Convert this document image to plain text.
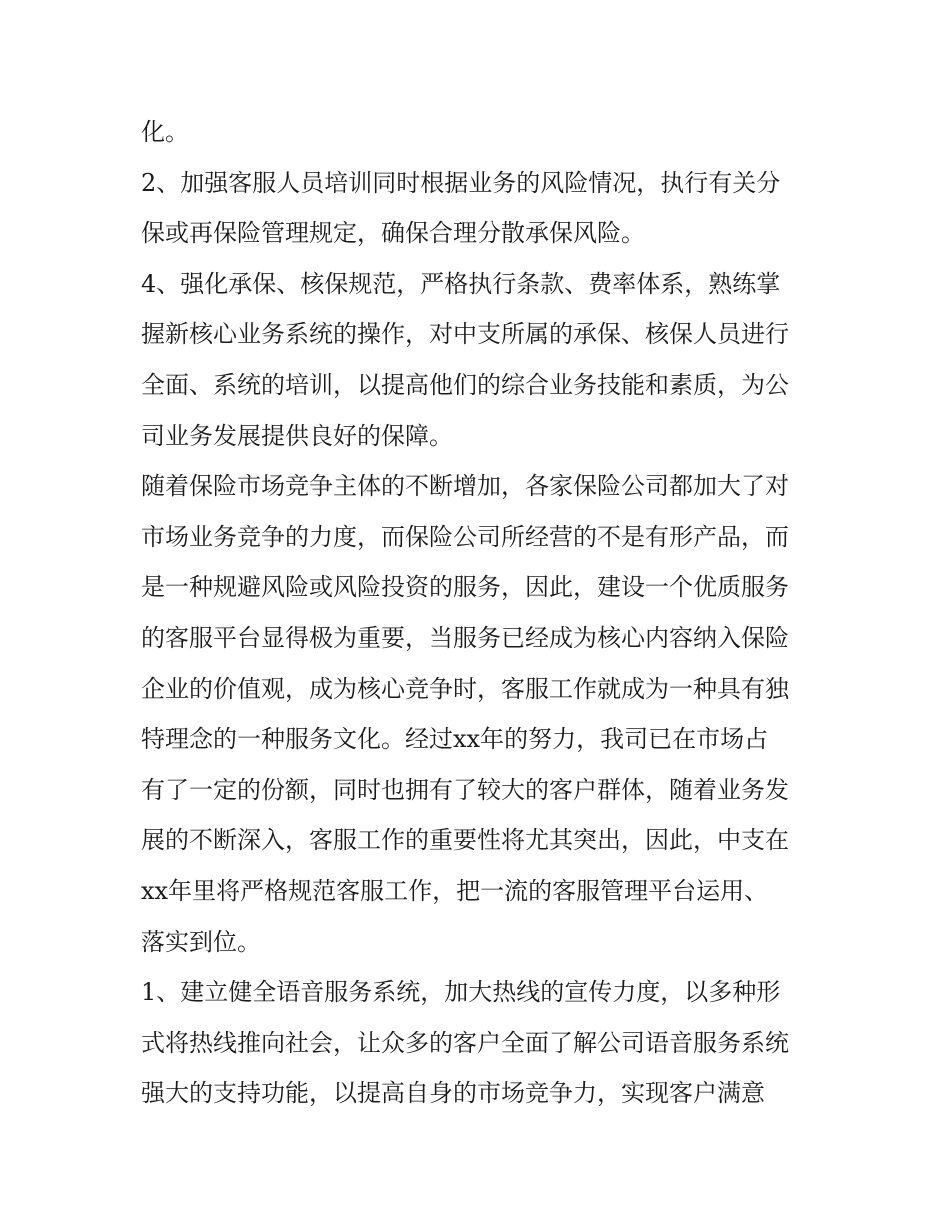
化。
2、加强客服人员培训同时根据业务的风险情况，执行有关分
保或再保险管理规定，确保合理分散承保风险。
4、强化承保、核保规范，严格执行条款、费率体系，熟练掌
握新核心业务系统的操作，对中支所属的承保、核保人员进行
全面、系统的培训，以提高他们的综合业务技能和素质，为公
司业务发展提供良好的保障。
随着保险市场竞争主体的不断增加，各家保险公司都加大了对
市场业务竞争的力度，而保险公司所经营的不是有形产品，而
是一种规避风险或风险投资的服务，因此，建设一个优质服务
的客服平台显得极为重要，当服务已经成为核心内容纳入保险
企业的价值观，成为核心竞争时，客服工作就成为一种具有独
特理念的一种服务文化。经过xx年的努力，我司已在市场占
有了一定的份额，同时也拥有了较大的客户群体，随着业务发
展的不断深入，客服工作的重要性将尤其突出，因此，中支在
xx年里将严格规范客服工作，把一流的客服管理平台运用、
落实到位。
1、建立健全语音服务系统，加大热线的宣传力度，以多种形
式将热线推向社会，让众多的客户全面了解公司语音服务系统
强大的支持功能，以提高自身的市场竞争力，实现客户满意
